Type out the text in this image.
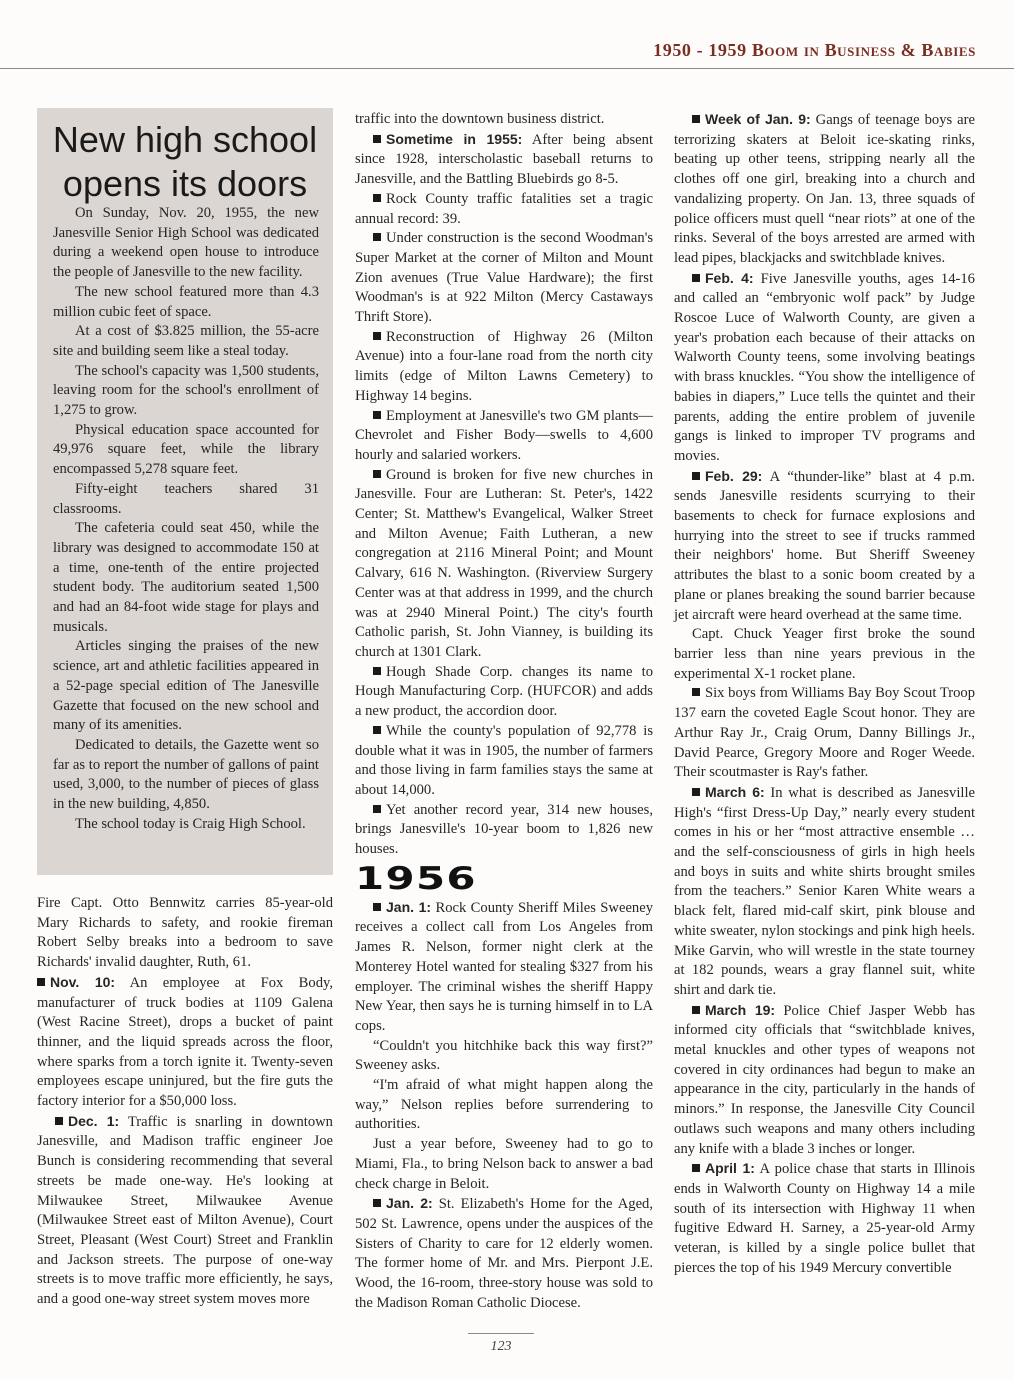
1950 - 1959 Boom in Business & Babies
New high school opens its doors

On Sunday, Nov. 20, 1955, the new Janesville Senior High School was dedicated during a weekend open house to introduce the people of Janesville to the new facility.

The new school featured more than 4.3 million cubic feet of space.

At a cost of $3.825 million, the 55-acre site and building seem like a steal today.

The school's capacity was 1,500 students, leaving room for the school's enrollment of 1,275 to grow.

Physical education space accounted for 49,976 square feet, while the library encompassed 5,278 square feet.

Fifty-eight teachers shared 31 classrooms.

The cafeteria could seat 450, while the library was designed to accommodate 150 at a time, one-tenth of the entire projected student body. The auditorium seated 1,500 and had an 84-foot wide stage for plays and musicals.

Articles singing the praises of the new science, art and athletic facilities appeared in a 52-page special edition of The Janesville Gazette that focused on the new school and many of its amenities.

Dedicated to details, the Gazette went so far as to report the number of gallons of paint used, 3,000, to the number of pieces of glass in the new building, 4,850.

The school today is Craig High School.

Fire Capt. Otto Bennwitz carries 85-year-old Mary Richards to safety, and rookie fireman Robert Selby breaks into a bedroom to save Richards' invalid daughter, Ruth, 61.

Nov. 10: An employee at Fox Body, manufacturer of truck bodies at 1109 Galena (West Racine Street), drops a bucket of paint thinner, and the liquid spreads across the floor, where sparks from a torch ignite it. Twenty-seven employees escape uninjured, but the fire guts the factory interior for a $50,000 loss.

Dec. 1: Traffic is snarling in downtown Janesville, and Madison traffic engineer Joe Bunch is considering recommending that several streets be made one-way. He's looking at Milwaukee Street, Milwaukee Avenue (Milwaukee Street east of Milton Avenue), Court Street, Pleasant (West Court) Street and Franklin and Jackson streets. The purpose of one-way streets is to move traffic more efficiently, he says, and a good one-way street system moves more

traffic into the downtown business district.

Sometime in 1955: After being absent since 1928, interscholastic baseball returns to Janesville, and the Battling Bluebirds go 8-5.

Rock County traffic fatalities set a tragic annual record: 39.

Under construction is the second Woodman's Super Market at the corner of Milton and Mount Zion avenues (True Value Hardware); the first Woodman's is at 922 Milton (Mercy Castaways Thrift Store).

Reconstruction of Highway 26 (Milton Avenue) into a four-lane road from the north city limits (edge of Milton Lawns Cemetery) to Highway 14 begins.

Employment at Janesville's two GM plants—Chevrolet and Fisher Body—swells to 4,600 hourly and salaried workers.

Ground is broken for five new churches in Janesville. Four are Lutheran: St. Peter's, 1422 Center; St. Matthew's Evangelical, Walker Street and Milton Avenue; Faith Lutheran, a new congregation at 2116 Mineral Point; and Mount Calvary, 616 N. Washington. (Riverview Surgery Center was at that address in 1999, and the church was at 2940 Mineral Point.) The city's fourth Catholic parish, St. John Vianney, is building its church at 1301 Clark.

Hough Shade Corp. changes its name to Hough Manufacturing Corp. (HUFCOR) and adds a new product, the accordion door.

While the county's population of 92,778 is double what it was in 1905, the number of farmers and those living in farm families stays the same at about 14,000.

Yet another record year, 314 new houses, brings Janesville's 10-year boom to 1,826 new houses.

1956

Jan. 1: Rock County Sheriff Miles Sweeney receives a collect call from Los Angeles from James R. Nelson, former night clerk at the Monterey Hotel wanted for stealing $327 from his employer. The criminal wishes the sheriff Happy New Year, then says he is turning himself in to LA cops.

“Couldn't you hitchhike back this way first?” Sweeney asks.

“I'm afraid of what might happen along the way,” Nelson replies before surrendering to authorities.

Just a year before, Sweeney had to go to Miami, Fla., to bring Nelson back to answer a bad check charge in Beloit.

Jan. 2: St. Elizabeth's Home for the Aged, 502 St. Lawrence, opens under the auspices of the Sisters of Charity to care for 12 elderly women. The former home of Mr. and Mrs. Pierpont J.E. Wood, the 16-room, three-story house was sold to the Madison Roman Catholic Diocese.

Week of Jan. 9: Gangs of teenage boys are terrorizing skaters at Beloit ice-skating rinks, beating up other teens, stripping nearly all the clothes off one girl, breaking into a church and vandalizing property. On Jan. 13, three squads of police officers must quell “near riots” at one of the rinks. Several of the boys arrested are armed with lead pipes, blackjacks and switchblade knives.

Feb. 4: Five Janesville youths, ages 14-16 and called an “embryonic wolf pack” by Judge Roscoe Luce of Walworth County, are given a year's probation each because of their attacks on Walworth County teens, some involving beatings with brass knuckles. “You show the intelligence of babies in diapers,” Luce tells the quintet and their parents, adding the entire problem of juvenile gangs is linked to improper TV programs and movies.

Feb. 29: A “thunder-like” blast at 4 p.m. sends Janesville residents scurrying to their basements to check for furnace explosions and hurrying into the street to see if trucks rammed their neighbors' home. But Sheriff Sweeney attributes the blast to a sonic boom created by a plane or planes breaking the sound barrier because jet aircraft were heard overhead at the same time.

Capt. Chuck Yeager first broke the sound barrier less than nine years previous in the experimental X-1 rocket plane.

Six boys from Williams Bay Boy Scout Troop 137 earn the coveted Eagle Scout honor. They are Arthur Ray Jr., Craig Orum, Danny Billings Jr., David Pearce, Gregory Moore and Roger Weede. Their scoutmaster is Ray's father.

March 6: In what is described as Janesville High's “first Dress-Up Day,” nearly every student comes in his or her “most attractive ensemble … and the self-consciousness of girls in high heels and boys in suits and white shirts brought smiles from the teachers.” Senior Karen White wears a black felt, flared mid-calf skirt, pink blouse and white sweater, nylon stockings and pink high heels. Mike Garvin, who will wrestle in the state tourney at 182 pounds, wears a gray flannel suit, white shirt and dark tie.

March 19: Police Chief Jasper Webb has informed city officials that “switchblade knives, metal knuckles and other types of weapons not covered in city ordinances had begun to make an appearance in the city, particularly in the hands of minors.” In response, the Janesville City Council outlaws such weapons and many others including any knife with a blade 3 inches or longer.

April 1: A police chase that starts in Illinois ends in Walworth County on Highway 14 a mile south of its intersection with Highway 11 when fugitive Edward H. Sarney, a 25-year-old Army veteran, is killed by a single police bullet that pierces the top of his 1949 Mercury convertible

123
